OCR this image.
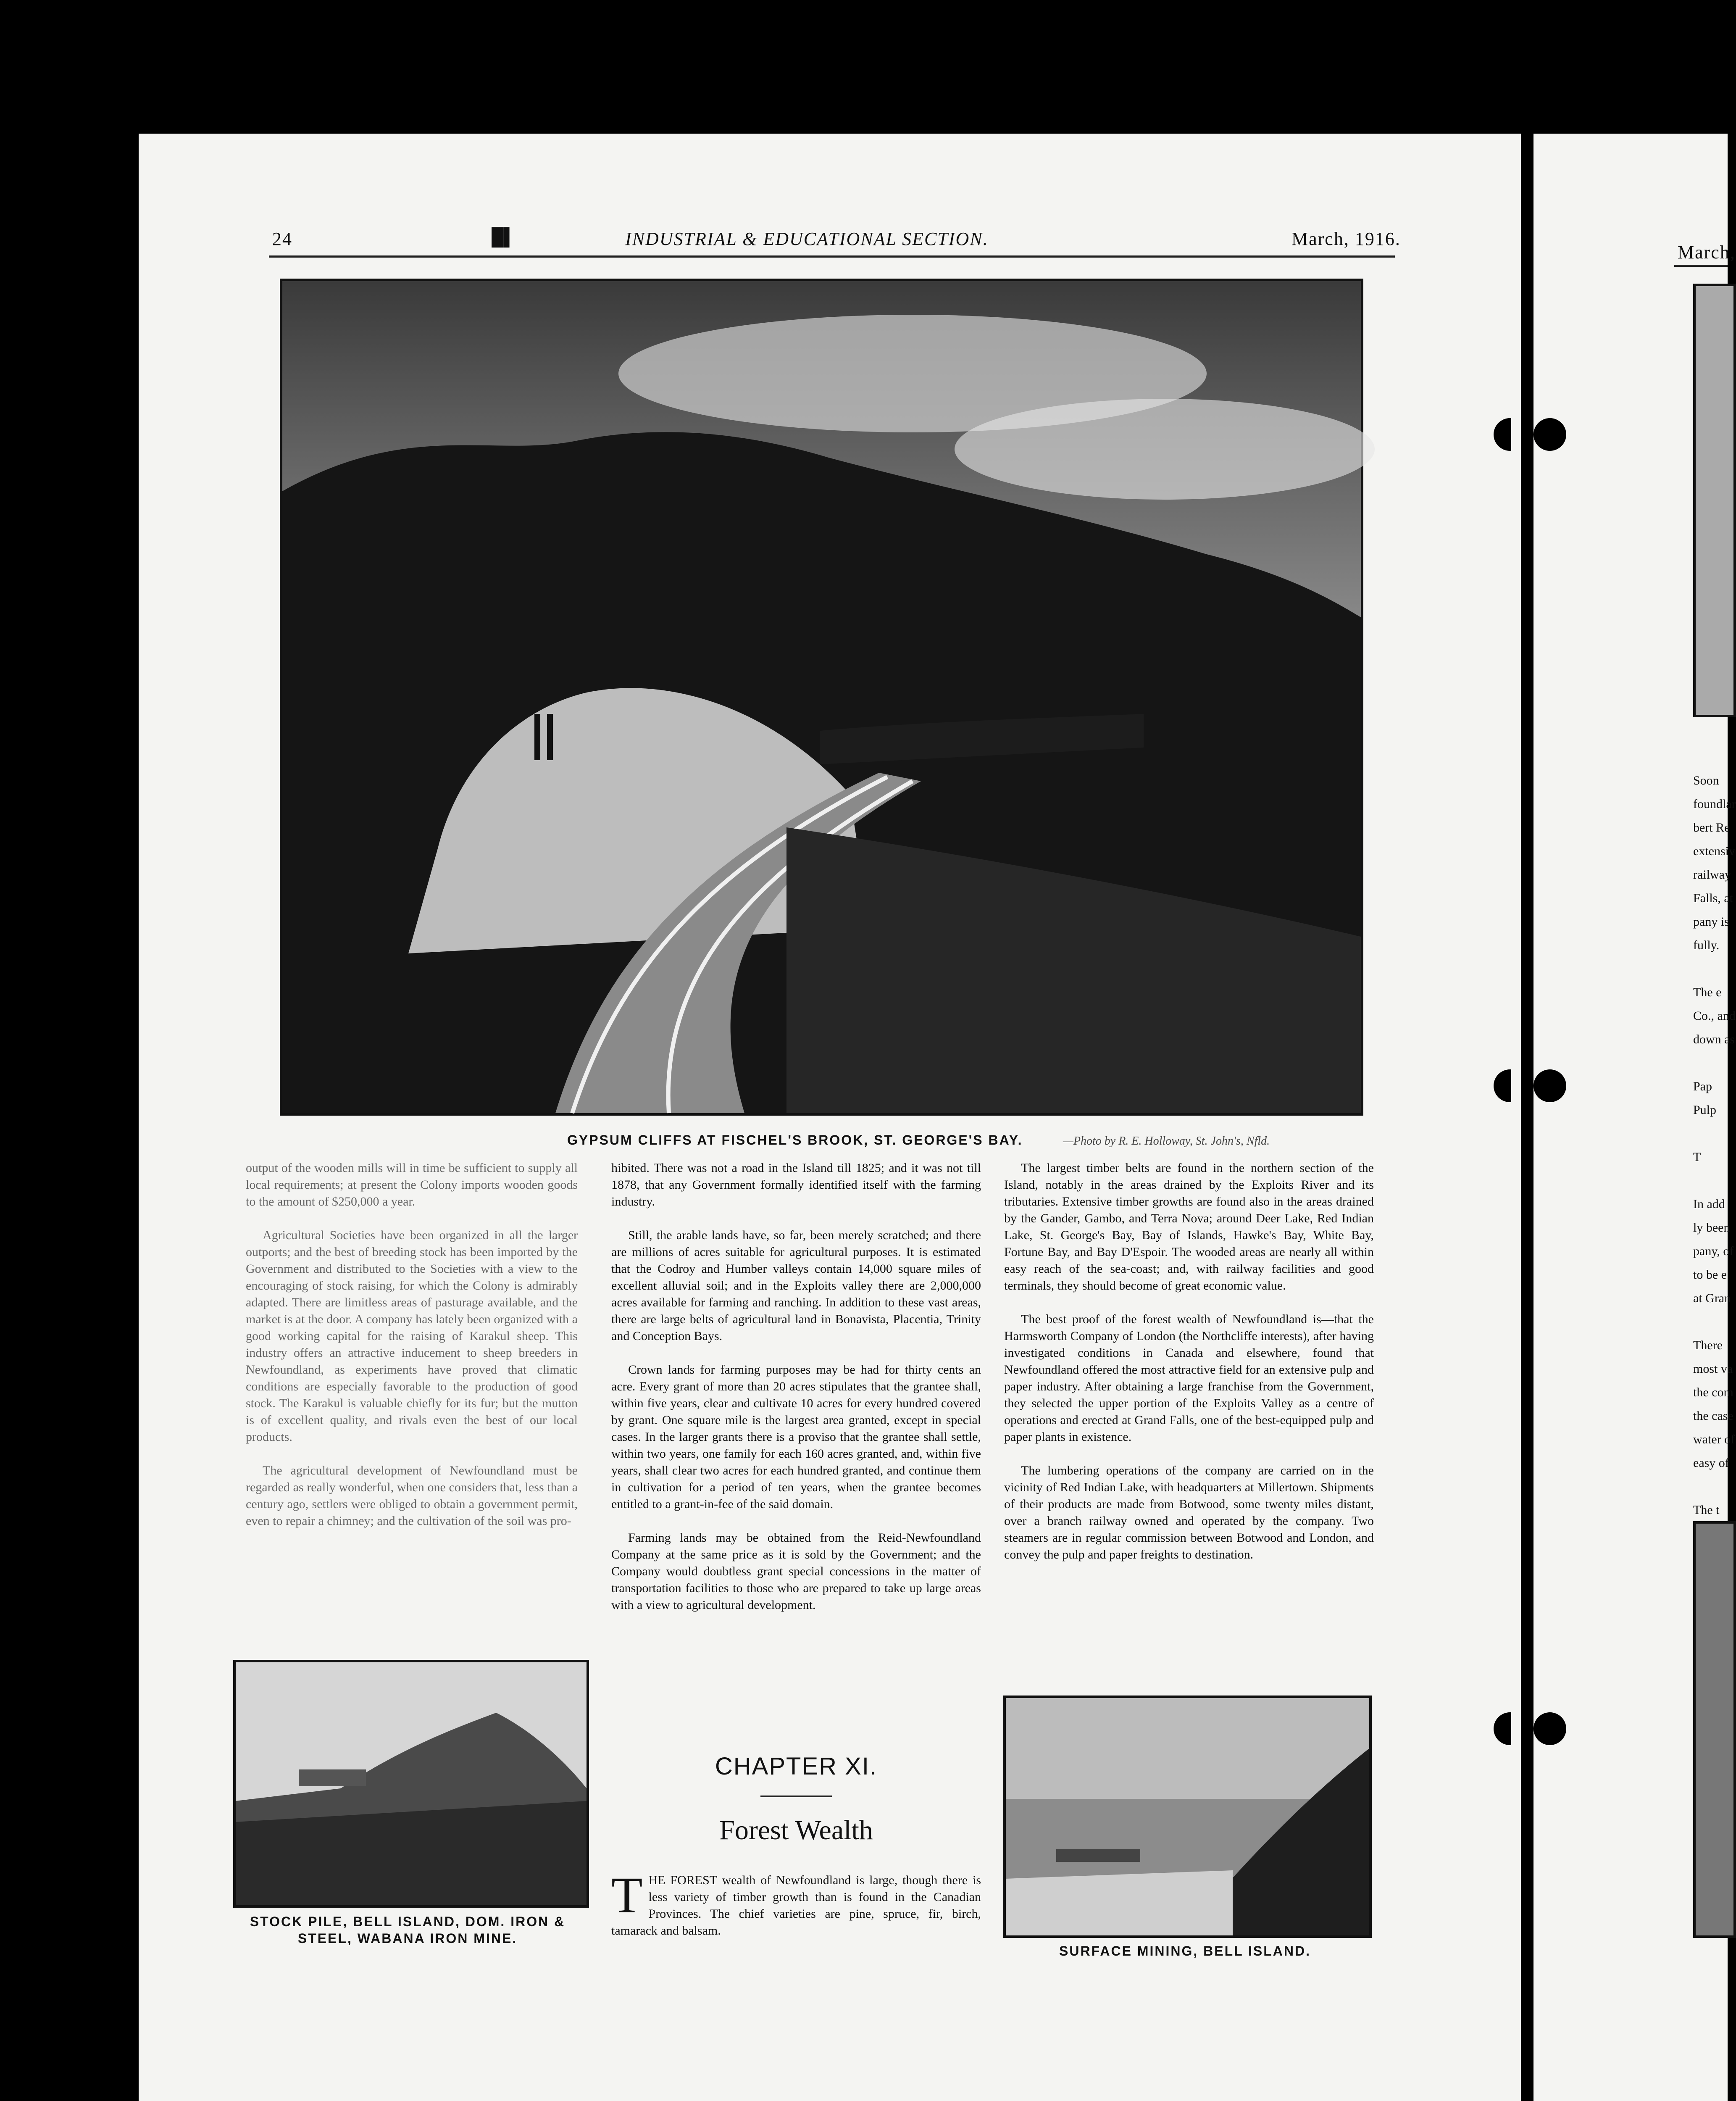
24	█▌	INDUSTRIAL & EDUCATIONAL SECTION.	March, 1916.
GYPSUM CLIFFS AT FISCHEL'S BROOK, ST. GEORGE'S BAY.	—Photo by R. E. Holloway, St. John's, Nfld.

output of the wooden mills will in time be sufficient to supply all local requirements; at present the Colony imports wooden goods to the amount of $250,000 a year.

Agricultural Societies have been organized in all the larger outports; and the best of breeding stock has been imported by the Government and distributed to the Societies with a view to the encouraging of stock raising, for which the Colony is admirably adapted. There are limitless areas of pasturage available, and the market is at the door. A company has lately been organized with a good working capital for the raising of Karakul sheep. This industry offers an attractive inducement to sheep breeders in Newfoundland, as experiments have proved that climatic conditions are especially favorable to the production of good stock. The Karakul is valuable chiefly for its fur; but the mutton is of excellent quality, and rivals even the best of our local products.

The agricultural development of Newfoundland must be regarded as really wonderful, when one considers that, less than a century ago, settlers were obliged to obtain a government permit, even to repair a chimney; and the cultivation of the soil was pro-

STOCK PILE, BELL ISLAND, DOM. IRON &
STEEL, WABANA IRON MINE.

hibited. There was not a road in the Island till 1825; and it was not till 1878, that any Government formally identified itself with the farming industry.

Still, the arable lands have, so far, been merely scratched; and there are millions of acres suitable for agricultural purposes. It is estimated that the Codroy and Humber valleys contain 14,000 square miles of excellent alluvial soil; and in the Exploits valley there are 2,000,000 acres available for farming and ranching. In addition to these vast areas, there are large belts of agricultural land in Bonavista, Placentia, Trinity and Conception Bays.

Crown lands for farming purposes may be had for thirty cents an acre. Every grant of more than 20 acres stipulates that the grantee shall, within five years, clear and cultivate 10 acres for every hundred covered by grant. One square mile is the largest area granted, except in special cases. In the larger grants there is a proviso that the grantee shall settle, within two years, one family for each 160 acres granted, and, within five years, shall clear two acres for each hundred granted, and continue them in cultivation for a period of ten years, when the grantee becomes entitled to a grant-in-fee of the said domain.

Farming lands may be obtained from the Reid-Newfoundland Company at the same price as it is sold by the Government; and the Company would doubtless grant special concessions in the matter of transportation facilities to those who are prepared to take up large areas with a view to agricultural development.

CHAPTER XI.
Forest Wealth
T HE FOREST wealth of Newfoundland is large, though there is less variety of timber growth than is found in the Canadian Provinces. The chief varieties are pine, spruce, fir, birch, tamarack and balsam.

The largest timber belts are found in the northern section of the Island, notably in the areas drained by the Exploits River and its tributaries. Extensive timber growths are found also in the areas drained by the Gander, Gambo, and Terra Nova; around Deer Lake, Red Indian Lake, St. George's Bay, Bay of Islands, Hawke's Bay, White Bay, Fortune Bay, and Bay D'Espoir. The wooded areas are nearly all within easy reach of the sea-coast; and, with railway facilities and good terminals, they should become of great economic value.

The best proof of the forest wealth of Newfoundland is—that the Harmsworth Company of London (the Northcliffe interests), after having investigated conditions in Canada and elsewhere, found that Newfoundland offered the most attractive field for an extensive pulp and paper industry. After obtaining a large franchise from the Government, they selected the upper portion of the Exploits Valley as a centre of operations and erected at Grand Falls, one of the best-equipped pulp and paper plants in existence.

The lumbering operations of the company are carried on in the vicinity of Red Indian Lake, with headquarters at Millertown. Shipments of their products are made from Botwood, some twenty miles distant, over a branch railway owned and operated by the company. Two steamers are in regular commission between Botwood and London, and convey the pulp and paper freights to destination.

SURFACE MINING, BELL ISLAND.
March,
Soon
foundlar
bert Re
extensiv
railway
Falls, at
pany is
fully.

The e
Co., and
down as

Pap
Pulp

T

In add
ly been
pany, of
to be e
at Gran

There
most va
the com
the case
water of
easy of

The t
